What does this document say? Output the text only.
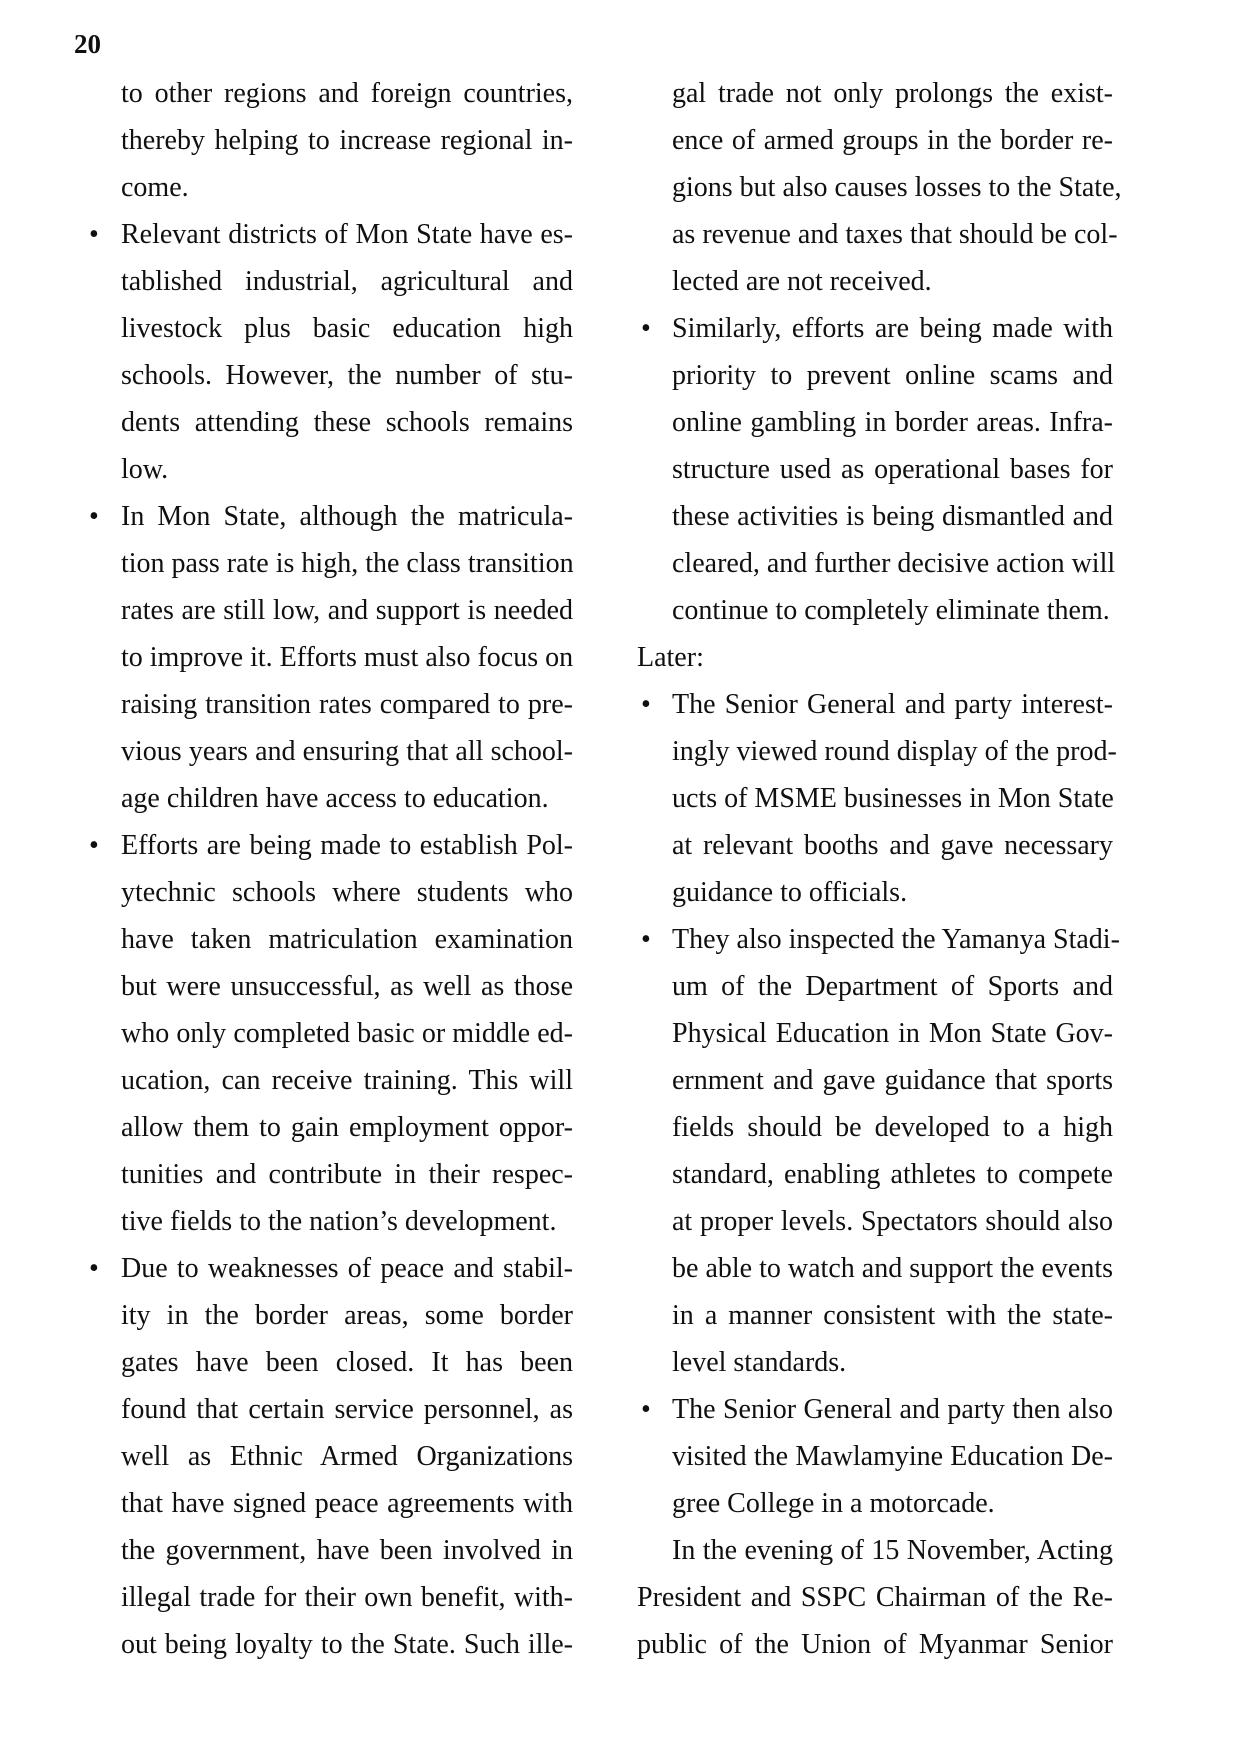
20
to other regions and foreign countries,
thereby helping to increase regional in-
come.
• Relevant districts of Mon State have es-
tablished industrial, agricultural and
livestock plus basic education high
schools. However, the number of stu-
dents attending these schools remains
low.
• In Mon State, although the matricula-
tion pass rate is high, the class transition
rates are still low, and support is needed
to improve it. Efforts must also focus on
raising transition rates compared to pre-
vious years and ensuring that all school-
age children have access to education.
• Efforts are being made to establish Pol-
ytechnic schools where students who
have taken matriculation examination
but were unsuccessful, as well as those
who only completed basic or middle ed-
ucation, can receive training. This will
allow them to gain employment oppor-
tunities and contribute in their respec-
tive fields to the nation’s development.
• Due to weaknesses of peace and stabil-
ity in the border areas, some border
gates have been closed. It has been
found that certain service personnel, as
well as Ethnic Armed Organizations
that have signed peace agreements with
the government, have been involved in
illegal trade for their own benefit, with-
out being loyalty to the State. Such ille-
gal trade not only prolongs the exist-
ence of armed groups in the border re-
gions but also causes losses to the State,
as revenue and taxes that should be col-
lected are not received.
• Similarly, efforts are being made with
priority to prevent online scams and
online gambling in border areas. Infra-
structure used as operational bases for
these activities is being dismantled and
cleared, and further decisive action will
continue to completely eliminate them.
Later:
• The Senior General and party interest-
ingly viewed round display of the prod-
ucts of MSME businesses in Mon State
at relevant booths and gave necessary
guidance to officials.
• They also inspected the Yamanya Stadi-
um of the Department of Sports and
Physical Education in Mon State Gov-
ernment and gave guidance that sports
fields should be developed to a high
standard, enabling athletes to compete
at proper levels. Spectators should also
be able to watch and support the events
in a manner consistent with the state-
level standards.
• The Senior General and party then also
visited the Mawlamyine Education De-
gree College in a motorcade.
In the evening of 15 November, Acting
President and SSPC Chairman of the Re-
public of the Union of Myanmar Senior
